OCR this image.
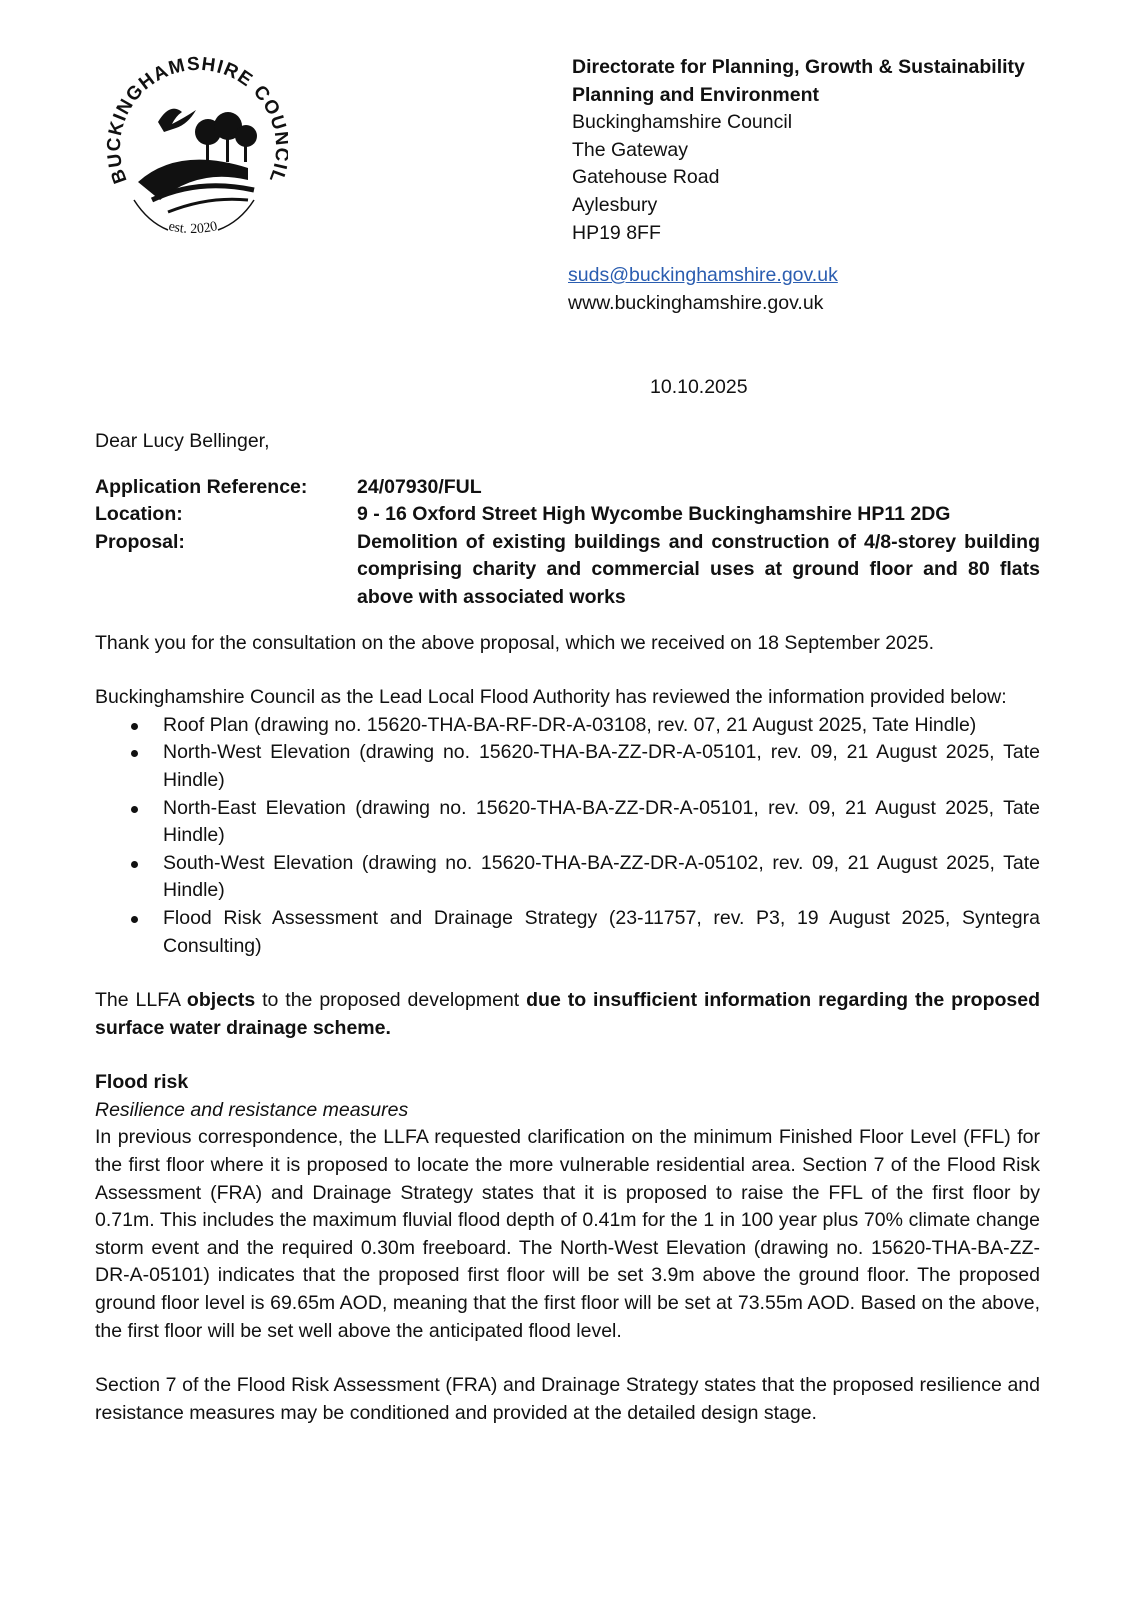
BUCKINGHAMSHIRE COU L
est. 2020
Directorate for Planning, Growth & Sustainability
Planning and Environment
Buckinghamshire Council
The Gateway
Gatehouse Road
Aylesbury
HP19 8FF
suds@buckinghamshire.gov.uk
www.buckinghamshire.gov.uk
10.10.2025

Dear Lucy Bellinger,

Application Reference:	24/07930/FUL
Location:	9 - 16 Oxford Street High Wycombe Buckinghamshire HP11 2DG
Proposal:	Demolition of existing buildings and construction of 4/8-storey building comprising charity and commercial uses at ground floor and 80 flats above with associated works

Thank you for the consultation on the above proposal, which we received on 18 September 2025.

Buckinghamshire Council as the Lead Local Flood Authority has reviewed the information provided below:

Roof Plan (drawing no. 15620-THA-BA-RF-DR-A-03108, rev. 07, 21 August 2025, Tate Hindle)
North-West Elevation (drawing no. 15620-THA-BA-ZZ-DR-A-05101, rev. 09, 21 August 2025, Tate Hindle)
North-East Elevation (drawing no. 15620-THA-BA-ZZ-DR-A-05101, rev. 09, 21 August 2025, Tate Hindle)
South-West Elevation (drawing no. 15620-THA-BA-ZZ-DR-A-05102, rev. 09, 21 August 2025, Tate Hindle)
Flood Risk Assessment and Drainage Strategy (23-11757, rev. P3, 19 August 2025, Syntegra Consulting)

The LLFA objects to the proposed development due to insufficient information regarding the proposed surface water drainage scheme.

Flood risk

Resilience and resistance measures

In previous correspondence, the LLFA requested clarification on the minimum Finished Floor Level (FFL) for the first floor where it is proposed to locate the more vulnerable residential area. Section 7 of the Flood Risk Assessment (FRA) and Drainage Strategy states that it is proposed to raise the FFL of the first floor by 0.71m. This includes the maximum fluvial flood depth of 0.41m for the 1 in 100 year plus 70% climate change storm event and the required 0.30m freeboard. The North-West Elevation (drawing no. 15620-THA-BA-ZZ-DR-A-05101) indicates that the proposed first floor will be set 3.9m above the ground floor. The proposed ground floor level is 69.65m AOD, meaning that the first floor will be set at 73.55m AOD. Based on the above, the first floor will be set well above the anticipated flood level.

Section 7 of the Flood Risk Assessment (FRA) and Drainage Strategy states that the proposed resilience and resistance measures may be conditioned and provided at the detailed design stage.
